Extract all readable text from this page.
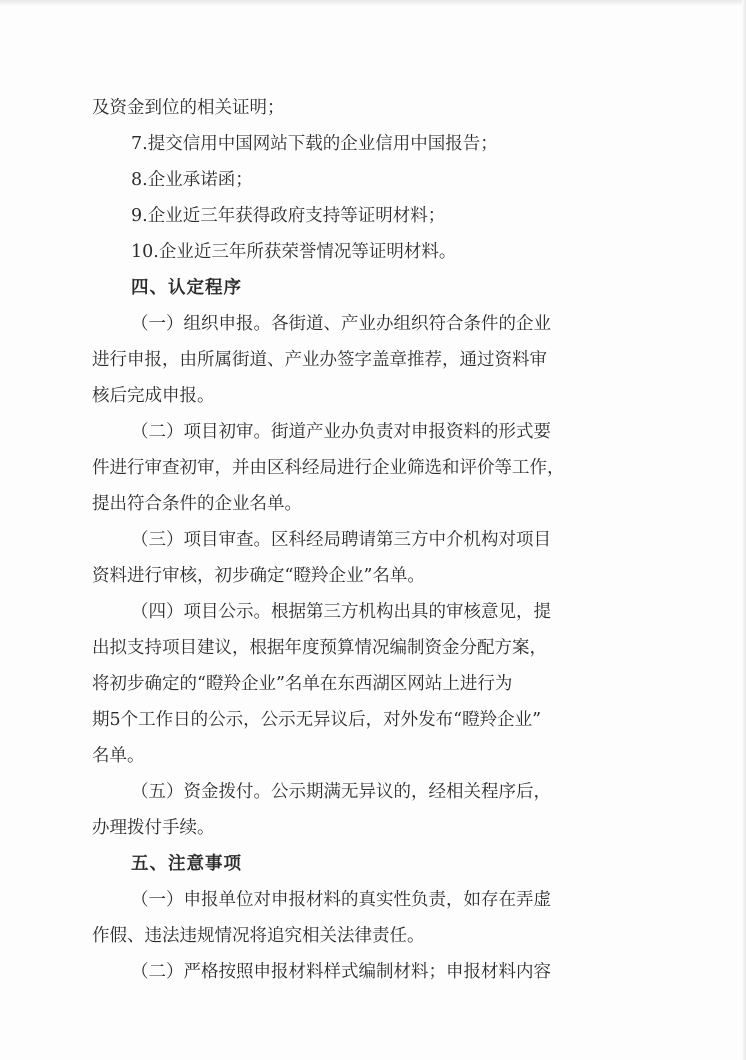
及资金到位的相关证明；
7.提交信用中国网站下载的企业信用中国报告；
8.企业承诺函；
9.企业近三年获得政府支持等证明材料；
10.企业近三年所获荣誉情况等证明材料。
四、认定程序
（一）组织申报。各街道、产业办组织符合条件的企业
进行申报，由所属街道、产业办签字盖章推荐，通过资料审
核后完成申报。
（二）项目初审。街道产业办负责对申报资料的形式要
件进行审查初审，并由区科经局进行企业筛选和评价等工作，
提出符合条件的企业名单。
（三）项目审查。区科经局聘请第三方中介机构对项目
资料进行审核，初步确定“瞪羚企业”名单。
（四）项目公示。根据第三方机构出具的审核意见，提
出拟支持项目建议，根据年度预算情况编制资金分配方案，
将初步确定的“瞪羚企业”名单在东西湖区网站上进行为
期5个工作日的公示，公示无异议后，对外发布“瞪羚企业”
名单。
（五）资金拨付。公示期满无异议的，经相关程序后，
办理拨付手续。
五、注意事项
（一）申报单位对申报材料的真实性负责，如存在弄虚
作假、违法违规情况将追究相关法律责任。
（二）严格按照申报材料样式编制材料；申报材料内容
